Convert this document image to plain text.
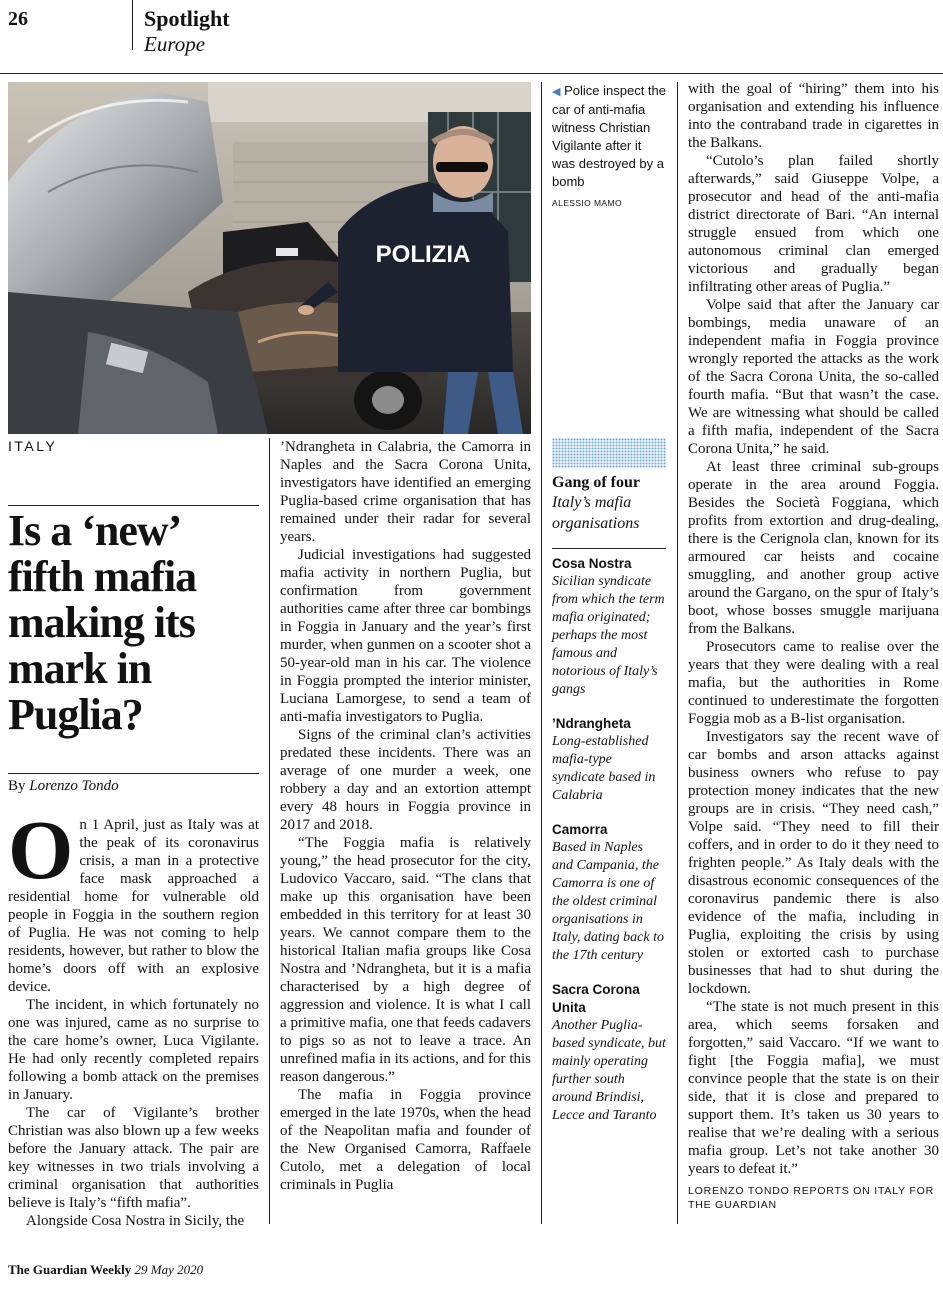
26	Spotlight
Europe
POLIZIA
◀ Police inspect the car of anti-mafia witness Christian Vigilante after it was destroyed by a bomb
ALESSIO MAMO
ITALY
Is a ‘new’ fifth mafia making its mark in Puglia?
By Lorenzo Tondo

On 1 April, just as Italy was at the peak of its coronavirus crisis, a man in a protective face mask approached a residential home for vulnerable old people in Foggia in the southern region of Puglia. He was not coming to help residents, however, but rather to blow the home’s doors off with an explosive device.

The incident, in which fortunately no one was injured, came as no surprise to the care home’s owner, Luca Vigilante. He had only recently completed repairs following a bomb attack on the premises in January.

The car of Vigilante’s brother Christian was also blown up a few weeks before the January attack. The pair are key witnesses in two trials involving a criminal organisation that authorities believe is Italy’s “fifth mafia”.

Alongside Cosa Nostra in Sicily, the

’Ndrangheta in Calabria, the Camorra in Naples and the Sacra Corona Unita, investigators have identified an emerging Puglia-based crime organisation that has remained under their radar for several years.

Judicial investigations had suggested mafia activity in northern Puglia, but confirmation from government authorities came after three car bombings in Foggia in January and the year’s first murder, when gunmen on a scooter shot a 50-year-old man in his car. The violence in Foggia prompted the interior minister, Luciana Lamorgese, to send a team of anti-mafia investigators to Puglia.

Signs of the criminal clan’s activities predated these incidents. There was an average of one murder a week, one robbery a day and an extortion attempt every 48 hours in Foggia province in 2017 and 2018.

“The Foggia mafia is relatively young,” the head prosecutor for the city, Ludovico Vaccaro, said. “The clans that make up this organisation have been embedded in this territory for at least 30 years. We cannot compare them to the historical Italian mafia groups like Cosa Nostra and ’Ndrangheta, but it is a mafia characterised by a high degree of aggression and violence. It is what I call a primitive mafia, one that feeds cadavers to pigs so as not to leave a trace. An unrefined mafia in its actions, and for this reason dangerous.”

The mafia in Foggia province emerged in the late 1970s, when the head of the Neapolitan mafia and founder of the New Organised Camorra, Raffaele Cutolo, met a delegation of local criminals in Puglia

Gang of four
Italy’s mafia organisations
Cosa Nostra
Sicilian syndicate from which the term mafia originated; perhaps the most famous and notorious of Italy’s gangs
’Ndrangheta
Long-established mafia-type syndicate based in Calabria
Camorra
Based in Naples and Campania, the Camorra is one of the oldest criminal organisations in Italy, dating back to the 17th century
Sacra Corona Unita
Another Puglia-based syndicate, but mainly operating further south around Brindisi, Lecce and Taranto

with the goal of “hiring” them into his organisation and extending his influence into the contraband trade in cigarettes in the Balkans.

“Cutolo’s plan failed shortly afterwards,” said Giuseppe Volpe, a prosecutor and head of the anti-mafia district directorate of Bari. “An internal struggle ensued from which one autonomous criminal clan emerged victorious and gradually began infiltrating other areas of Puglia.”

Volpe said that after the January car bombings, media unaware of an independent mafia in Foggia province wrongly reported the attacks as the work of the Sacra Corona Unita, the so-called fourth mafia. “But that wasn’t the case. We are witnessing what should be called a fifth mafia, independent of the Sacra Corona Unita,” he said.

At least three criminal sub-groups operate in the area around Foggia. Besides the Società Foggiana, which profits from extortion and drug-dealing, there is the Cerignola clan, known for its armoured car heists and cocaine smuggling, and another group active around the Gargano, on the spur of Italy’s boot, whose bosses smuggle marijuana from the Balkans.

Prosecutors came to realise over the years that they were dealing with a real mafia, but the authorities in Rome continued to underestimate the forgotten Foggia mob as a B-list organisation.

Investigators say the recent wave of car bombs and arson attacks against business owners who refuse to pay protection money indicates that the new groups are in crisis. “They need cash,” Volpe said. “They need to fill their coffers, and in order to do it they need to frighten people.” As Italy deals with the disastrous economic consequences of the coronavirus pandemic there is also evidence of the mafia, including in Puglia, exploiting the crisis by using stolen or extorted cash to purchase businesses that had to shut during the lockdown.

“The state is not much present in this area, which seems forsaken and forgotten,” said Vaccaro. “If we want to fight [the Foggia mafia], we must convince people that the state is on their side, that it is close and prepared to support them. It’s taken us 30 years to realise that we’re dealing with a serious mafia group. Let’s not take another 30 years to defeat it.”

LORENZO TONDO REPORTS ON ITALY FOR THE GUARDIAN
The Guardian Weekly 29 May 2020
